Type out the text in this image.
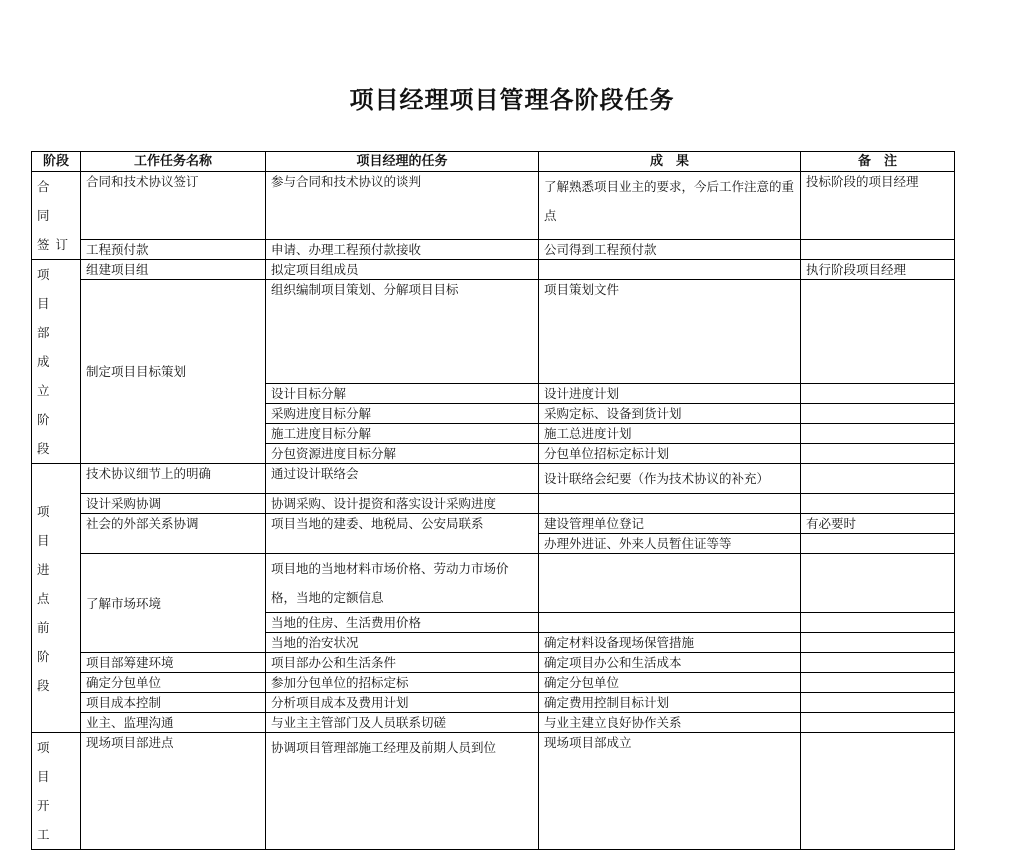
项目经理项目管理各阶段任务
阶段	工作任务名称	项目经理的任务	成　果	备　注
合 同 签订	合同和技术协议签订	参与合同和技术协议的谈判	了解熟悉项目业主的要求，今后工作注意的重点	投标阶段的项目经理
	工程预付款	申请、办理工程预付款接收	公司得到工程预付款	
项 目 部 成 立 阶 段	组建项目组	拟定项目组成员		执行阶段项目经理
	制定项目目标策划	组织编制项目策划、分解项目目标	项目策划文件	
		设计目标分解	设计进度计划	
		采购进度目标分解	采购定标、设备到货计划	
		施工进度目标分解	施工总进度计划	
		分包资源进度目标分解	分包单位招标定标计划	
项 目 进 点 前 阶 段	技术协议细节上的明确	通过设计联络会	设计联络会纪要（作为技术协议的补充）	
	设计采购协调	协调采购、设计提资和落实设计采购进度		
	社会的外部关系协调	项目当地的建委、地税局、公安局联系	建设管理单位登记	有必要时
			办理外进证、外来人员暂住证等等	
	了解市场环境	项目地的当地材料市场价格、劳动力市场价格，当地的定额信息		
		当地的住房、生活费用价格		
		当地的治安状况	确定材料设备现场保管措施	
	项目部筹建环境	项目部办公和生活条件	确定项目办公和生活成本	
	确定分包单位	参加分包单位的招标定标	确定分包单位	
	项目成本控制	分析项目成本及费用计划	确定费用控制目标计划	
	业主、监理沟通	与业主主管部门及人员联系切磋	与业主建立良好协作关系	
项 目 开 工	现场项目部进点	协调项目管理部施工经理及前期人员到位	现场项目部成立	
